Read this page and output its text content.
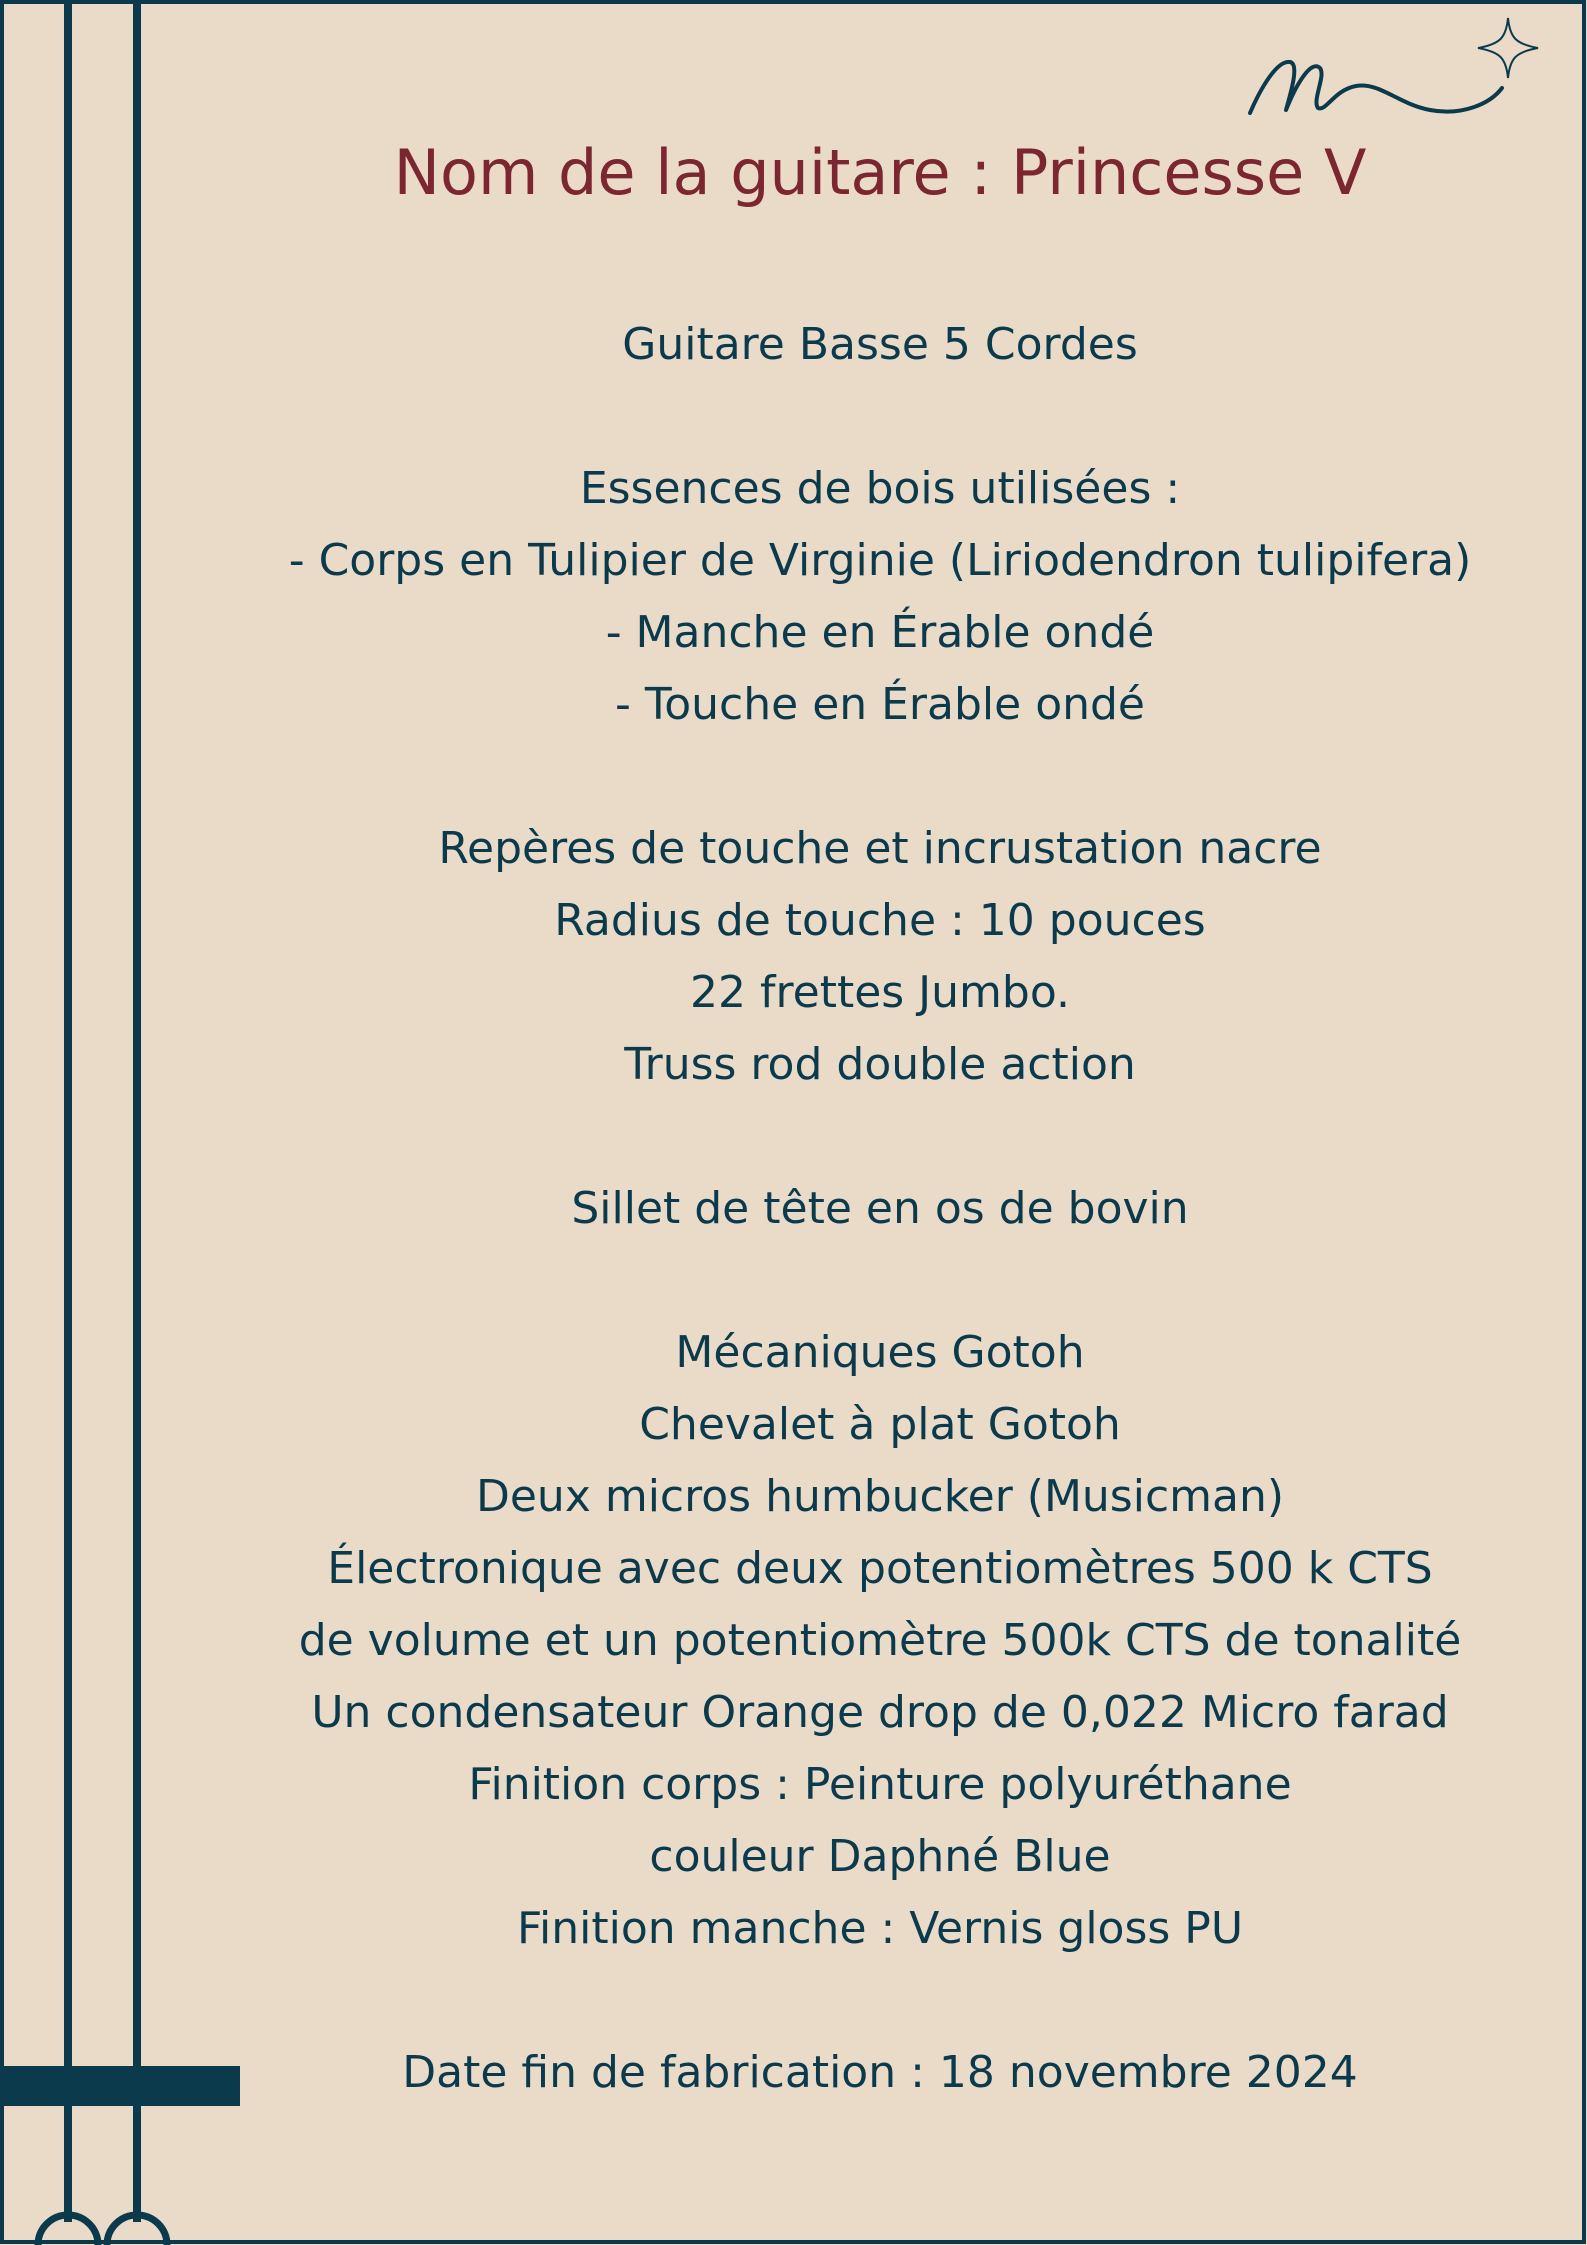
Nom de la guitare : Princesse V
Guitare Basse 5 Cordes
Essences de bois utilisées :
- Corps en Tulipier de Virginie (Liriodendron tulipifera)
- Manche en Érable ondé
- Touche en Érable ondé
Repères de touche et incrustation nacre
Radius de touche : 10 pouces
22 frettes Jumbo.
Truss rod double action
Sillet de tête en os de bovin
Mécaniques Gotoh
Chevalet à plat Gotoh
Deux micros humbucker (Musicman)
Électronique avec deux potentiomètres 500 k CTS
de volume et un potentiomètre 500k CTS de tonalité
Un condensateur Orange drop de 0,022 Micro farad
Finition corps : Peinture polyuréthane
couleur Daphné Blue
Finition manche : Vernis gloss PU
Date fin de fabrication : 18 novembre 2024
